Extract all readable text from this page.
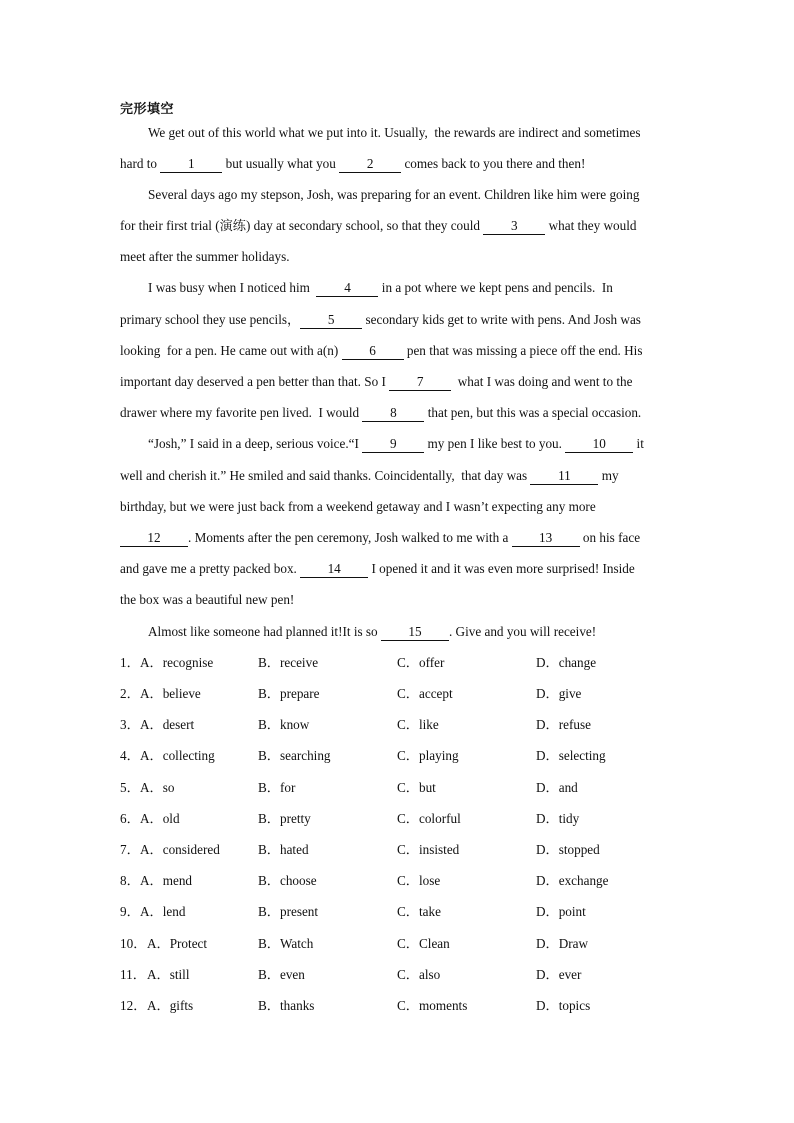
完形填空
We get out of this world what we put into it. Usually,  the rewards are indirect and sometimes
hard to 1 but usually what you 2 comes back to you there and then!
Several days ago my stepson, Josh, was preparing for an event. Children like him were going
for their first trial (演练) day at secondary school, so that they could 3 what they would
meet after the summer holidays.
I was busy when I noticed him  4 in a pot where we kept pens and pencils.  In
primary school they use pencils， 5 secondary kids get to write with pens. And Josh was
looking  for a pen. He came out with a(n) 6 pen that was missing a piece off the end. His
important day deserved a pen better than that. So I 7  what I was doing and went to the
drawer where my favorite pen lived.  I would 8 that pen, but this was a special occasion.
“Josh,” I said in a deep, serious voice.“I 9 my pen I like best to you. 10 it
well and cherish it.” He smiled and said thanks. Coincidentally,  that day was 11 my
birthday, but we were just back from a weekend getaway and I wasn’t expecting any more
12 . Moments after the pen ceremony, Josh walked to me with a 13 on his face
and gave me a pretty packed box. 14 I opened it and it was even more surprised! Inside
the box was a beautiful new pen!
Almost like someone had planned it!It is so 15 . Give and you will receive!
1． A．recognise	B．receive	C．offer	D．change
2． A．believe	B．prepare	C．accept	D．give
3． A．desert	B．know	C．like	D．refuse
4． A．collecting	B．searching	C．playing	D．selecting
5． A．so	B．for	C．but	D．and
6． A．old	B．pretty	C．colorful	D．tidy
7． A．considered	B．hated	C．insisted	D．stopped
8． A．mend	B．choose	C．lose	D．exchange
9． A．lend	B．present	C．take	D．point
10． A．Protect	B．Watch	C．Clean	D．Draw
11． A．still	B．even	C．also	D．ever
12． A．gifts	B．thanks	C．moments	D．topics
